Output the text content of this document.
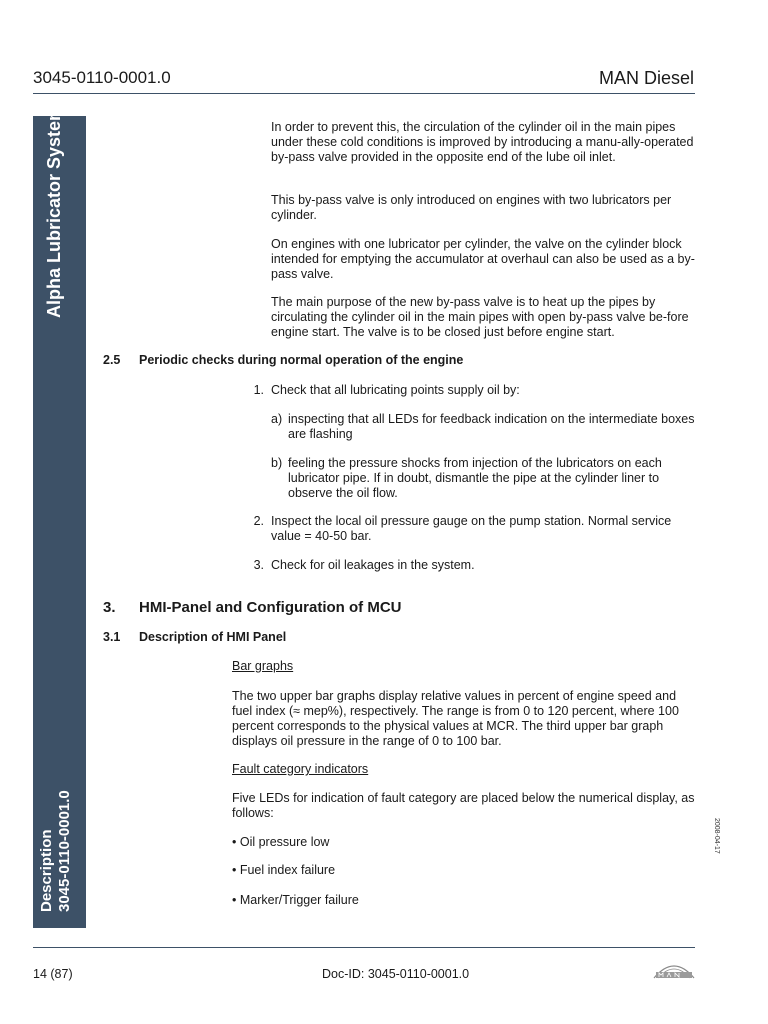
3045-0110-0001.0	MAN Diesel
Alpha Lubricator System
Description 3045-0110-0001.0
In order to prevent this, the circulation of the cylinder oil in the main pipes under these cold conditions is improved by introducing a manu-ally-operated by-pass valve provided in the opposite end of the lube oil inlet.
This by-pass valve is only introduced on engines with two lubricators per cylinder.
On engines with one lubricator per cylinder, the valve on the cylinder block intended for emptying the accumulator at overhaul can also be used as a by-pass valve.
The main purpose of the new by-pass valve is to heat up the pipes by circulating the cylinder oil in the main pipes with open by-pass valve be-fore engine start. The valve is to be closed just before engine start.
2.5 Periodic checks during normal operation of the engine
1. Check that all lubricating points supply oil by:
a) inspecting that all LEDs for feedback indication on the intermediate boxes are flashing
b) feeling the pressure shocks from injection of the lubricators on each lubricator pipe. If in doubt, dismantle the pipe at the cylinder liner to observe the oil flow.
2. Inspect the local oil pressure gauge on the pump station. Normal service value = 40-50 bar.
3. Check for oil leakages in the system.
3. HMI-Panel and Configuration of MCU
3.1 Description of HMI Panel
Bar graphs
The two upper bar graphs display relative values in percent of engine speed and fuel index (≈ mep%), respectively. The range is from 0 to 120 percent, where 100 percent corresponds to the physical values at MCR. The third upper bar graph displays oil pressure in the range of 0 to 100 bar.
Fault category indicators
Five LEDs for indication of fault category are placed below the numerical display, as follows:
• Oil pressure low
• Fuel index failure
• Marker/Trigger failure
2008-04-17
14 (87)	Doc-ID: 3045-0110-0001.0
